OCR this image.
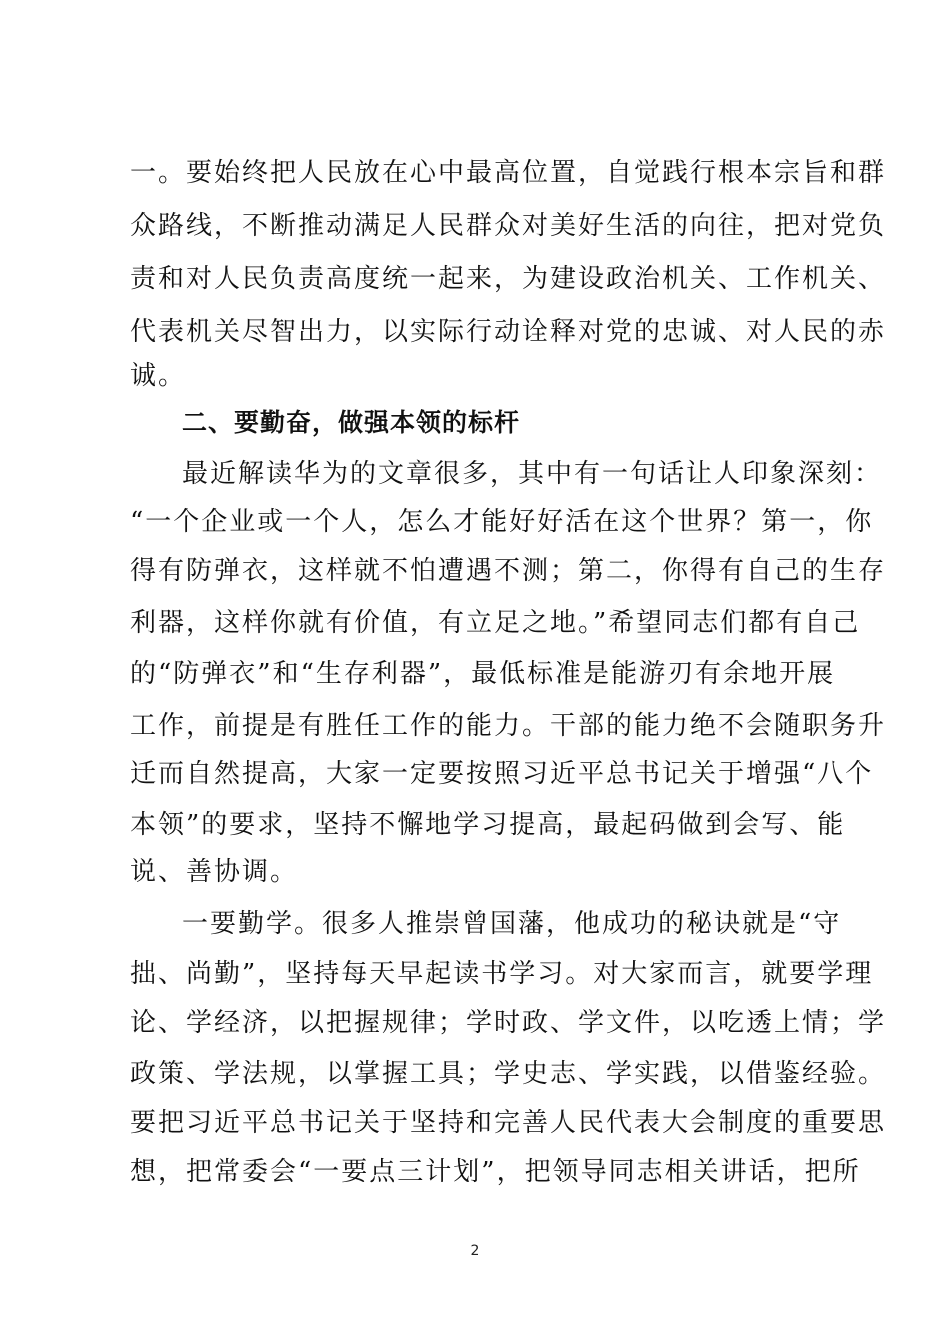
一。要始终把人民放在心中最高位置，自觉践行根本宗旨和群
众路线，不断推动满足人民群众对美好生活的向往，把对党负
责和对人民负责高度统一起来，为建设政治机关、工作机关、
代表机关尽智出力，以实际行动诠释对党的忠诚、对人民的赤
诚。
二、要勤奋，做强本领的标杆
最近解读华为的文章很多，其中有一句话让人印象深刻：
“一个企业或一个人，怎么才能好好活在这个世界？第一，你
得有防弹衣，这样就不怕遭遇不测；第二，你得有自己的生存
利器，这样你就有价值，有立足之地。”希望同志们都有自己
的“防弹衣”和“生存利器”，最低标准是能游刃有余地开展
工作，前提是有胜任工作的能力。干部的能力绝不会随职务升
迁而自然提高，大家一定要按照习近平总书记关于增强“八个
本领”的要求，坚持不懈地学习提高，最起码做到会写、能
说、善协调。
一要勤学。很多人推崇曾国藩，他成功的秘诀就是“守
拙、尚勤”，坚持每天早起读书学习。对大家而言，就要学理
论、学经济，以把握规律；学时政、学文件，以吃透上情；学
政策、学法规，以掌握工具；学史志、学实践，以借鉴经验。
要把习近平总书记关于坚持和完善人民代表大会制度的重要思
想，把常委会“一要点三计划”，把领导同志相关讲话，把所
2
